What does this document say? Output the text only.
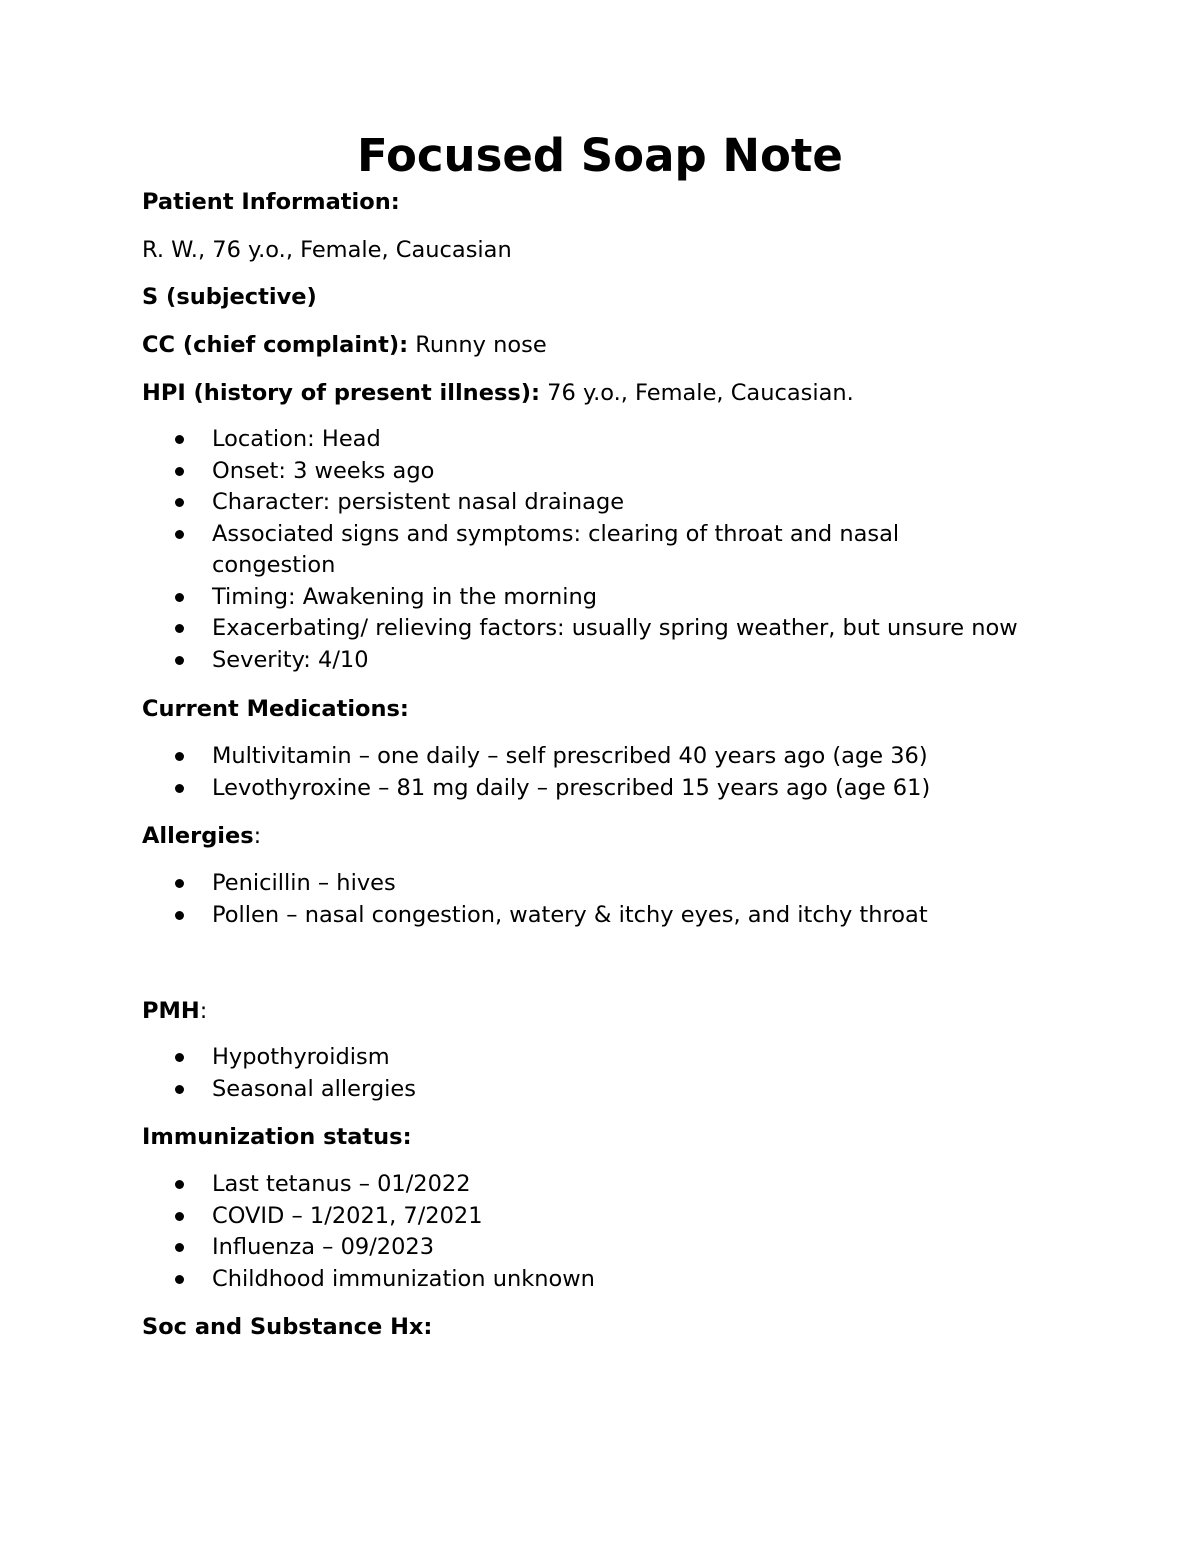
Focused Soap Note

Patient Information:

R. W., 76 y.o., Female, Caucasian

S (subjective)

CC (chief complaint): Runny nose

HPI (history of present illness): 76 y.o., Female, Caucasian.

Location: Head
Onset: 3 weeks ago
Character: persistent nasal drainage
Associated signs and symptoms: clearing of throat and nasal congestion
Timing: Awakening in the morning
Exacerbating/ relieving factors: usually spring weather, but unsure now
Severity: 4/10

Current Medications:

Multivitamin – one daily – self prescribed 40 years ago (age 36)
Levothyroxine – 81 mg daily – prescribed 15 years ago (age 61)

Allergies:

Penicillin – hives
Pollen – nasal congestion, watery & itchy eyes, and itchy throat

PMH:

Hypothyroidism
Seasonal allergies

Immunization status:

Last tetanus – 01/2022
COVID – 1/2021, 7/2021
Influenza – 09/2023
Childhood immunization unknown

Soc and Substance Hx:
